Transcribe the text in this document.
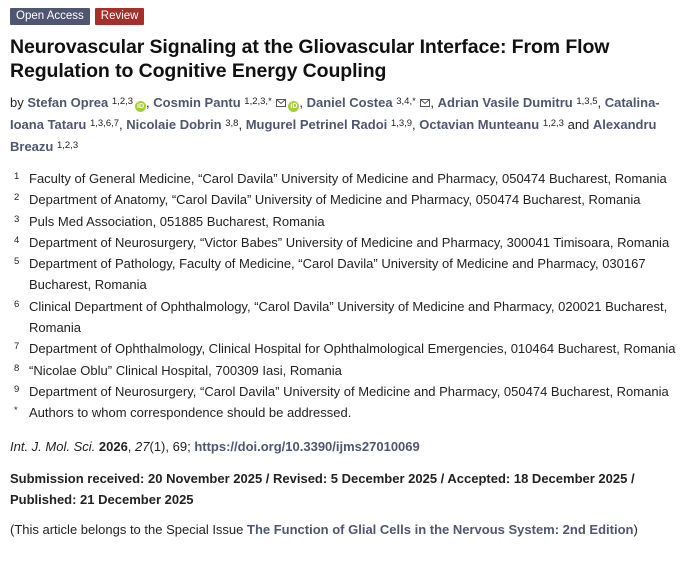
Open Access	Review
Neurovascular Signaling at the Gliovascular Interface: From Flow Regulation to Cognitive Energy Coupling
by Stefan Oprea $^{1,2,3}$ iD , Cosmin Pantu $^{1,2,3,*}$	iD , Daniel Costea $^{3,4,*}$ , Adrian Vasile Dumitru $^{1,3,5}$, Catalina-Ioana Tataru $^{1,3,6,7}$, Nicolaie Dobrin $^{3,8}$, Mugurel Petrinel Radoi $^{1,3,9}$, Octavian Munteanu $^{1,2,3}$ and Alexandru Breazu $^{1,2,3}$
1 Faculty of General Medicine, “Carol Davila” University of Medicine and Pharmacy, 050474 Bucharest, Romania
2 Department of Anatomy, “Carol Davila” University of Medicine and Pharmacy, 050474 Bucharest, Romania
3 Puls Med Association, 051885 Bucharest, Romania
4 Department of Neurosurgery, “Victor Babes” University of Medicine and Pharmacy, 300041 Timisoara, Romania
5 Department of Pathology, Faculty of Medicine, “Carol Davila” University of Medicine and Pharmacy, 030167 Bucharest, Romania
6 Clinical Department of Ophthalmology, “Carol Davila” University of Medicine and Pharmacy, 020021 Bucharest, Romania
7 Department of Ophthalmology, Clinical Hospital for Ophthalmological Emergencies, 010464 Bucharest, Romania
8 “Nicolae Oblu” Clinical Hospital, 700309 Iasi, Romania
9 Department of Neurosurgery, “Carol Davila” University of Medicine and Pharmacy, 050474 Bucharest, Romania
* Authors to whom correspondence should be addressed.
Int. J. Mol. Sci. 2026, 27(1), 69; https://doi.org/10.3390/ijms27010069
Submission received: 20 November 2025 / Revised: 5 December 2025 / Accepted: 18 December 2025 /
Published: 21 December 2025
(This article belongs to the Special Issue The Function of Glial Cells in the Nervous System: 2nd Edition)
